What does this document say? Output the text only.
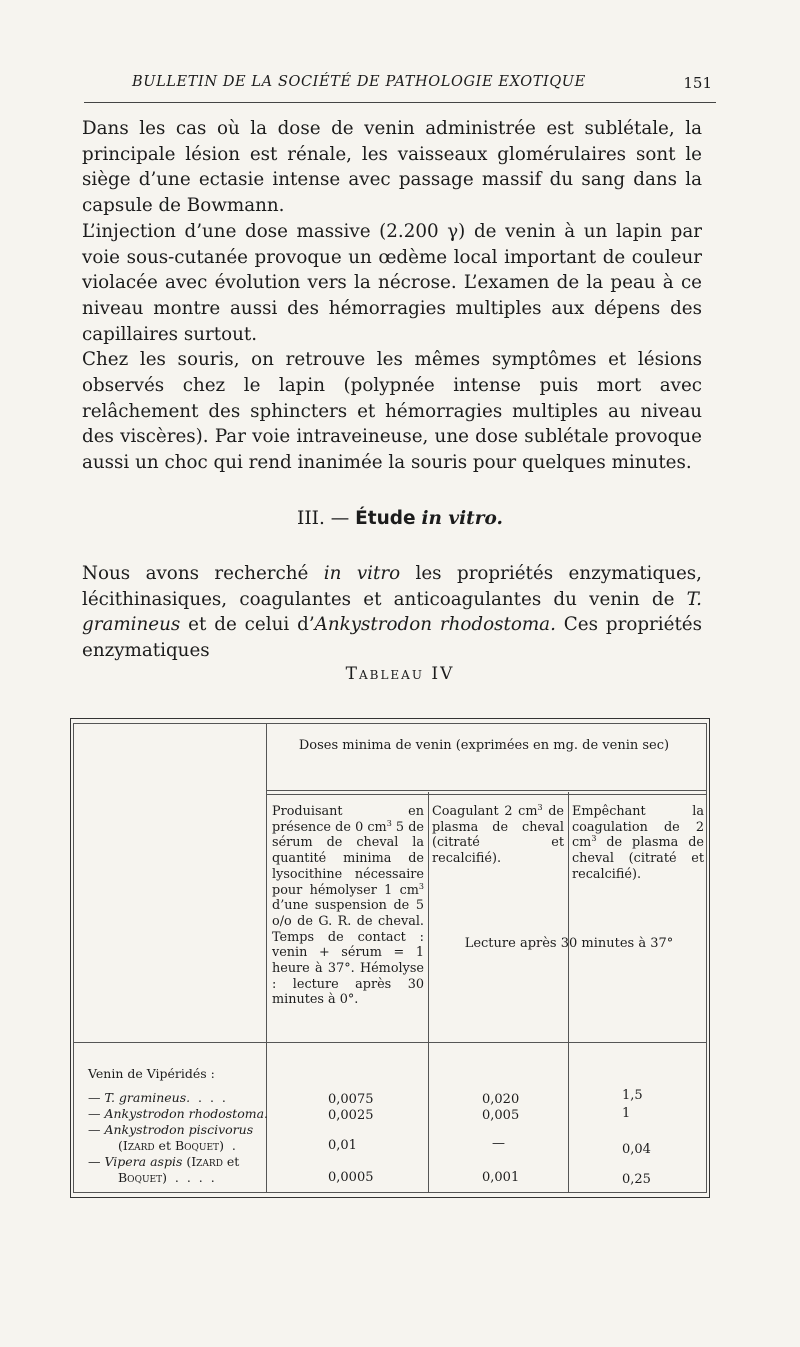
BULLETIN DE LA SOCIÉTÉ DE PATHOLOGIE EXOTIQUE	151

Dans les cas où la dose de venin administrée est sublétale, la principale lésion est rénale, les vaisseaux glomérulaires sont le siège d’une ectasie intense avec passage massif du sang dans la capsule de Bowmann.

L’injection d’une dose massive (2.200 γ) de venin à un lapin par voie sous-cutanée provoque un œdème local important de couleur violacée avec évolution vers la nécrose. L’examen de la peau à ce niveau montre aussi des hémorragies multiples aux dépens des capillaires surtout.

Chez les souris, on retrouve les mêmes symptômes et lésions observés chez le lapin (polypnée intense puis mort avec relâchement des sphincters et hémorragies multiples au niveau des viscères). Par voie intraveineuse, une dose sublétale provoque aussi un choc qui rend inanimée la souris pour quelques minutes.

III. — Étude in vitro.

Nous avons recherché in vitro les propriétés enzymatiques, lécithinasiques, coagulantes et anticoagulantes du venin de T. gramineus et de celui d’Ankystrodon rhodostoma. Ces propriétés enzymatiques

Tableau IV
Doses minima de venin (exprimées en mg. de venin sec)
Produisant en présence de 0 $cm^3$ 5 de sérum de cheval la quantité minima de lysocithine nécessaire pour hémolyser 1 $cm^3$ d’une suspension de 5 o/o de G. R. de cheval. Temps de contact : venin + sérum = 1 heure à 37°. Hémolyse : lecture après 30 minutes à 0°.
Coagulant 2 $cm^3$ de plasma de cheval (citraté et recalcifié).
Empêchant la coagulation de 2 $cm^3$ de plasma de cheval (citraté et recalcifié).
Lecture après 30 minutes à 37°
Venin de Vipéridés :
— T. gramineus.  .  .  .
— Ankystrodon rhodostoma.
— Ankystrodon piscivorus
(Izard et Boquet)  .
— Vipera aspis (Izard et
Boquet)  .  .  .  .
0,0075
0,0025
0,01
0,0005
0,020
0,005
—
0,001
1,5
1
0,04
0,25
